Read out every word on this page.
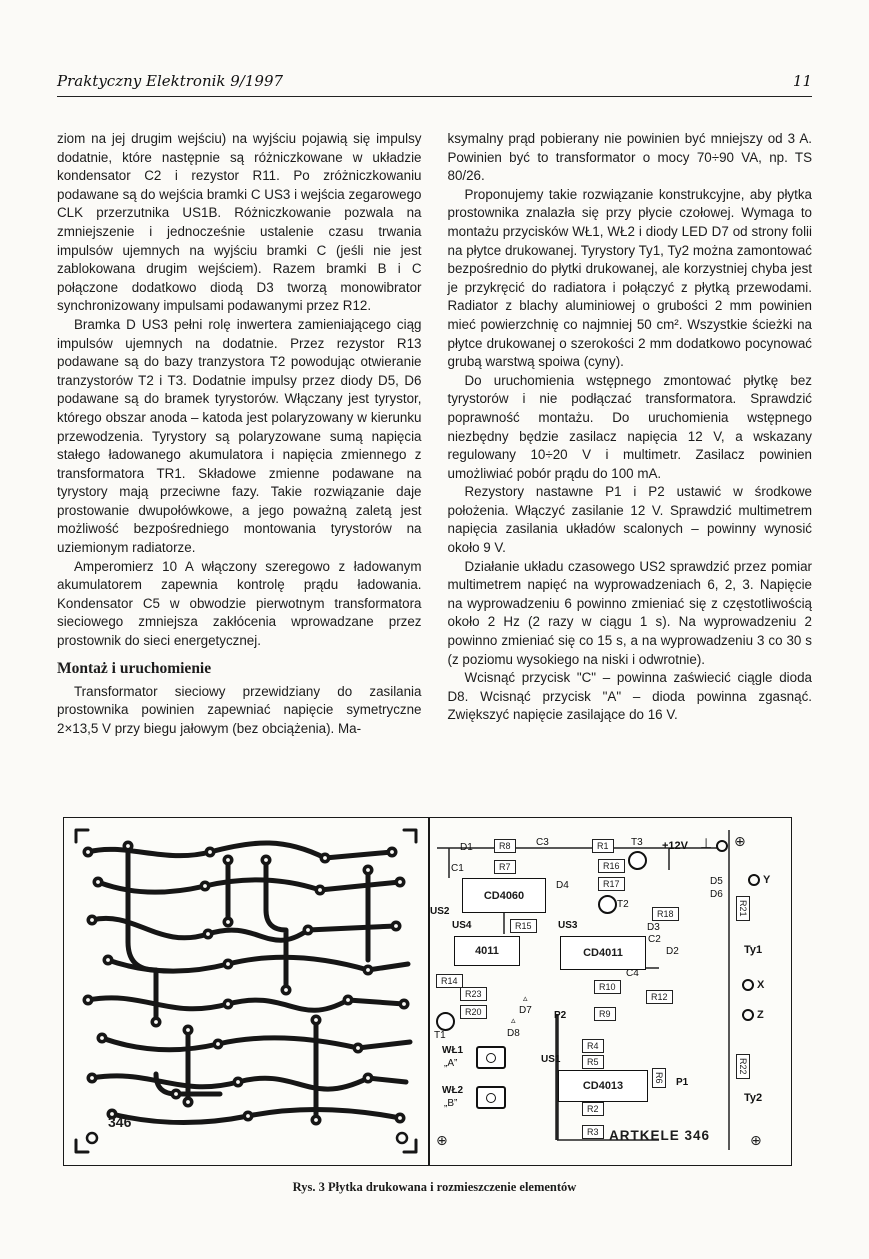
Praktyczny Elektronik 9/1997	11

ziom na jej drugim wejściu) na wyjściu pojawią się impulsy dodatnie, które następnie są różniczkowane w układzie kondensator C2 i rezystor R11. Po zróżniczkowaniu podawane są do wejścia bramki C US3 i wejścia zegarowego CLK przerzutnika US1B. Różniczkowanie pozwala na zmniejszenie i jednocześnie ustalenie czasu trwania impulsów ujemnych na wyjściu bramki C (jeśli nie jest zablokowana drugim wejściem). Razem bramki B i C połączone dodatkowo diodą D3 tworzą monowibrator synchronizowany impulsami podawanymi przez R12.

Bramka D US3 pełni rolę inwertera zamieniającego ciąg impulsów ujemnych na dodatnie. Przez rezystor R13 podawane są do bazy tranzystora T2 powodując otwieranie tranzystorów T2 i T3. Dodatnie impulsy przez diody D5, D6 podawane są do bramek tyrystorów. Włączany jest tyrystor, którego obszar anoda – katoda jest polaryzowany w kierunku przewodzenia. Tyrystory są polaryzowane sumą napięcia stałego ładowanego akumulatora i napięcia zmiennego z transformatora TR1. Składowe zmienne podawane na tyrystory mają przeciwne fazy. Takie rozwiązanie daje prostowanie dwupołówkowe, a jego poważną zaletą jest możliwość bezpośredniego montowania tyrystorów na uziemionym radiatorze.

Amperomierz 10 A włączony szeregowo z ładowanym akumulatorem zapewnia kontrolę prądu ładowania. Kondensator C5 w obwodzie pierwotnym transformatora sieciowego zmniejsza zakłócenia wprowadzane przez prostownik do sieci energetycznej.

Montaż i uruchomienie

Transformator sieciowy przewidziany do zasilania prostownika powinien zapewniać napięcie symetryczne 2×13,5 V przy biegu jałowym (bez obciążenia). Ma-

ksymalny prąd pobierany nie powinien być mniejszy od 3 A. Powinien być to transformator o mocy 70÷90 VA, np. TS 80/26.

Proponujemy takie rozwiązanie konstrukcyjne, aby płytka prostownika znalazła się przy płycie czołowej. Wymaga to montażu przycisków WŁ1, WŁ2 i diody LED D7 od strony folii na płytce drukowanej. Tyrystory Ty1, Ty2 można zamontować bezpośrednio do płytki drukowanej, ale korzystniej chyba jest je przykręcić do radiatora i połączyć z płytką przewodami. Radiator z blachy aluminiowej o grubości 2 mm powinien mieć powierzchnię co najmniej 50 cm². Wszystkie ścieżki na płytce drukowanej o szerokości 2 mm dodatkowo pocynować grubą warstwą spoiwa (cyny).

Do uruchomienia wstępnego zmontować płytkę bez tyrystorów i nie podłączać transformatora. Sprawdzić poprawność montażu. Do uruchomienia wstępnego niezbędny będzie zasilacz napięcia 12 V, a wskazany regulowany 10÷20 V i multimetr. Zasilacz powinien umożliwiać pobór prądu do 100 mA.

Rezystory nastawne P1 i P2 ustawić w środkowe położenia. Włączyć zasilanie 12 V. Sprawdzić multimetrem napięcia zasilania układów scalonych – powinny wynosić około 9 V.

Działanie układu czasowego US2 sprawdzić przez pomiar multimetrem napięć na wyprowadzeniach 6, 2, 3. Napięcie na wyprowadzeniu 6 powinno zmieniać się z częstotliwością około 2 Hz (2 razy w ciągu 1 s). Na wyprowadzeniu 2 powinno zmieniać się co 15 s, a na wyprowadzeniu 3 co 30 s (z poziomu wysokiego na niski i odwrotnie).

Wcisnąć przycisk "C" – powinna zaświecić ciągle dioda D8. Wcisnąć przycisk "A" – dioda powinna zgasnąć. Zwiększyć napięcie zasilające do 16 V.

346
D1	R8	C3	R1	T3 +12V ⊥ ⊕
C1	R7	R16
R17
D4
T2
D5
D6
Y
CD4060
US2
US4	R15	US3
R18
D3
R21
Ty1
4011	CD4011
C2
D2
C4
R14
R23
R10
R12
X
R20
▵
D7 P2	R9	Z
T1
▵
D8
WŁ1
„A”
R4
US1	R5
CD4013
R6 P1
R22
Ty2
WŁ2
„B”	R2
R3 ARTKELE 346
⊕	⊕
Rys. 3 Płytka drukowana i rozmieszczenie elementów
